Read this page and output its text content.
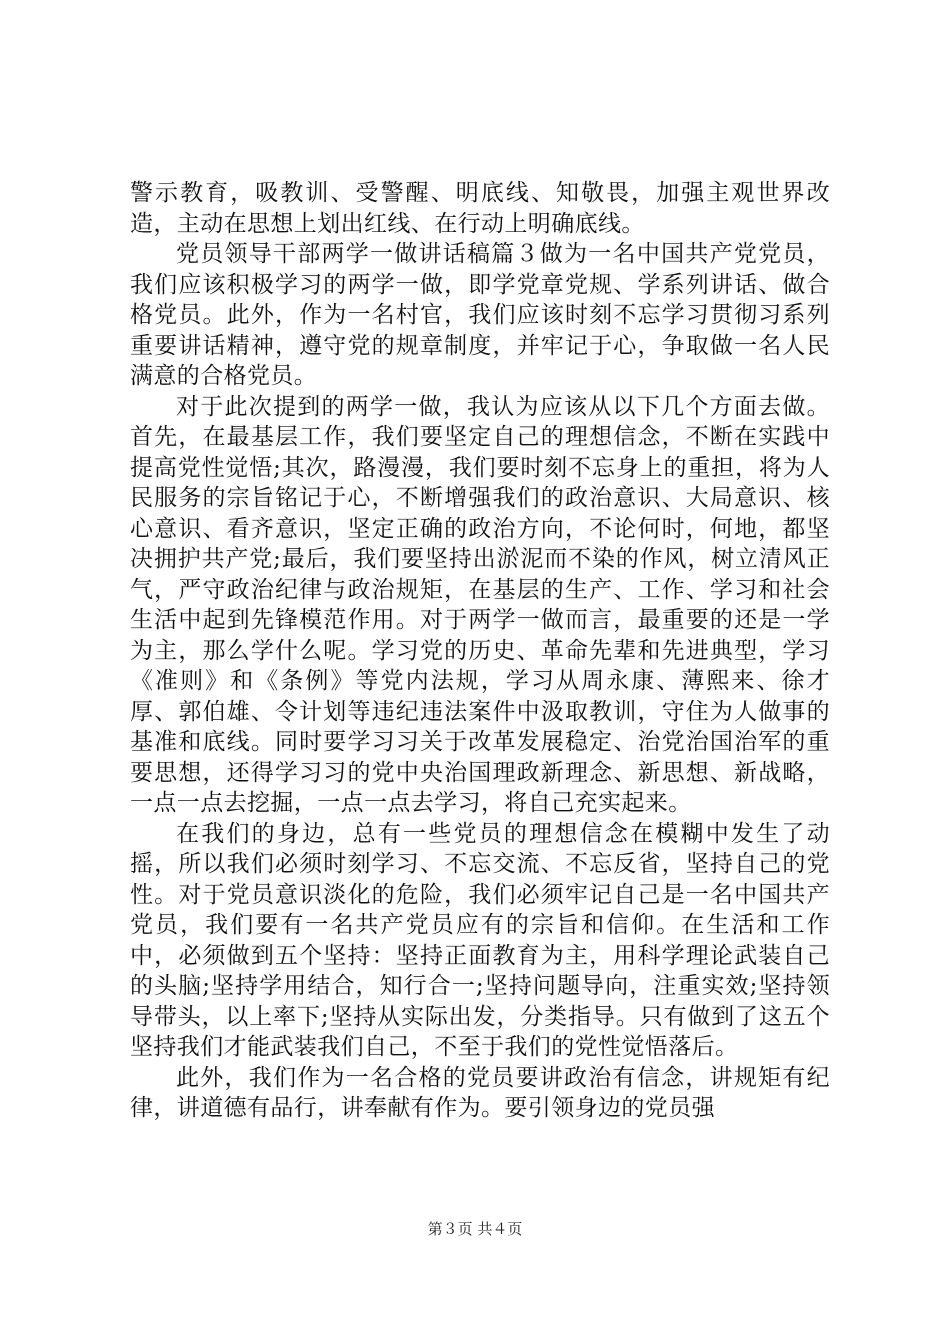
警示教育，吸教训、受警醒、明底线、知敬畏，加强主观世界改造，主动在思想上划出红线、在行动上明确底线。

党员领导干部两学一做讲话稿篇３做为一名中国共产党党员，我们应该积极学习的两学一做，即学党章党规、学系列讲话、做合格党员。此外，作为一名村官，我们应该时刻不忘学习贯彻习系列重要讲话精神，遵守党的规章制度，并牢记于心，争取做一名人民满意的合格党员。

对于此次提到的两学一做，我认为应该从以下几个方面去做。首先，在最基层工作，我们要坚定自己的理想信念，不断在实践中提高党性觉悟;其次，路漫漫，我们要时刻不忘身上的重担，将为人民服务的宗旨铭记于心，不断增强我们的政治意识、大局意识、核心意识、看齐意识，坚定正确的政治方向，不论何时，何地，都坚决拥护共产党;最后，我们要坚持出淤泥而不染的作风，树立清风正气，严守政治纪律与政治规矩，在基层的生产、工作、学习和社会生活中起到先锋模范作用。对于两学一做而言，最重要的还是一学为主，那么学什么呢。学习党的历史、革命先辈和先进典型，学习《准则》和《条例》等党内法规，学习从周永康、薄熙来、徐才厚、郭伯雄、令计划等违纪违法案件中汲取教训，守住为人做事的基准和底线。同时要学习习关于改革发展稳定、治党治国治军的重要思想，还得学习习的党中央治国理政新理念、新思想、新战略，一点一点去挖掘，一点一点去学习，将自己充实起来。

在我们的身边，总有一些党员的理想信念在模糊中发生了动摇，所以我们必须时刻学习、不忘交流、不忘反省，坚持自己的党性。对于党员意识淡化的危险，我们必须牢记自己是一名中国共产党员，我们要有一名共产党员应有的宗旨和信仰。在生活和工作中，必须做到五个坚持：坚持正面教育为主，用科学理论武装自己的头脑;坚持学用结合，知行合一;坚持问题导向，注重实效;坚持领导带头，以上率下;坚持从实际出发，分类指导。只有做到了这五个坚持我们才能武装我们自己，不至于我们的党性觉悟落后。

此外，我们作为一名合格的党员要讲政治有信念，讲规矩有纪律，讲道德有品行，讲奉献有作为。要引领身边的党员强

第３页 共４页
